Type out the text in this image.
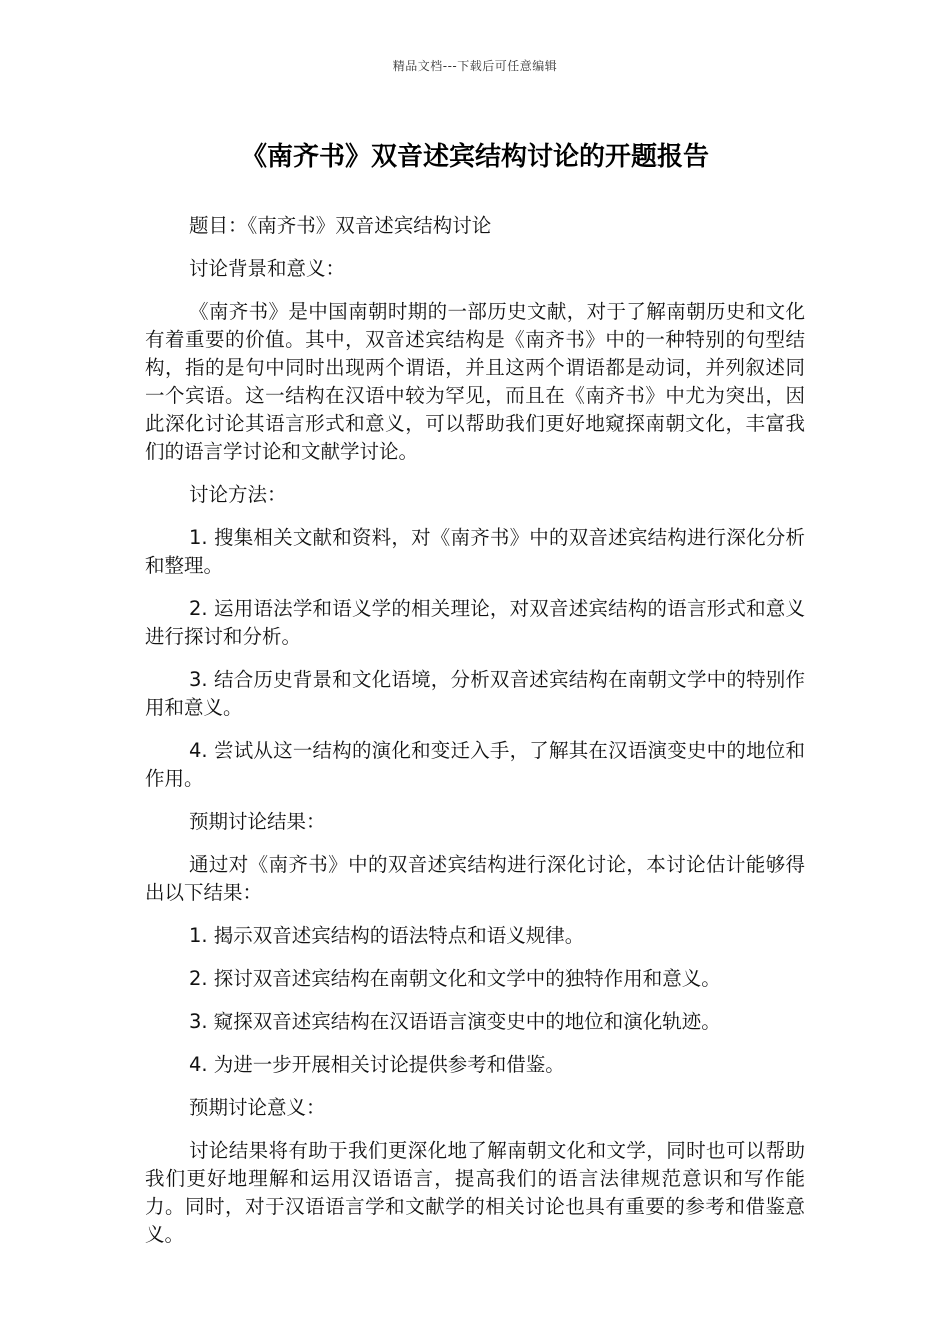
精品文档---下载后可任意编辑
《南齐书》双音述宾结构讨论的开题报告

题目：《南齐书》双音述宾结构讨论

讨论背景和意义：

《南齐书》是中国南朝时期的一部历史文献，对于了解南朝历史和文化有着重要的价值。其中，双音述宾结构是《南齐书》中的一种特别的句型结构，指的是句中同时出现两个谓语，并且这两个谓语都是动词，并列叙述同一个宾语。这一结构在汉语中较为罕见，而且在《南齐书》中尤为突出，因此深化讨论其语言形式和意义，可以帮助我们更好地窥探南朝文化，丰富我们的语言学讨论和文献学讨论。

讨论方法：

1. 搜集相关文献和资料，对《南齐书》中的双音述宾结构进行深化分析和整理。

2. 运用语法学和语义学的相关理论，对双音述宾结构的语言形式和意义进行探讨和分析。

3. 结合历史背景和文化语境，分析双音述宾结构在南朝文学中的特别作用和意义。

4. 尝试从这一结构的演化和变迁入手，了解其在汉语演变史中的地位和作用。

预期讨论结果：

通过对《南齐书》中的双音述宾结构进行深化讨论，本讨论估计能够得出以下结果：

1. 揭示双音述宾结构的语法特点和语义规律。

2. 探讨双音述宾结构在南朝文化和文学中的独特作用和意义。

3. 窥探双音述宾结构在汉语语言演变史中的地位和演化轨迹。

4. 为进一步开展相关讨论提供参考和借鉴。

预期讨论意义：

讨论结果将有助于我们更深化地了解南朝文化和文学，同时也可以帮助我们更好地理解和运用汉语语言，提高我们的语言法律规范意识和写作能力。同时，对于汉语语言学和文献学的相关讨论也具有重要的参考和借鉴意义。
